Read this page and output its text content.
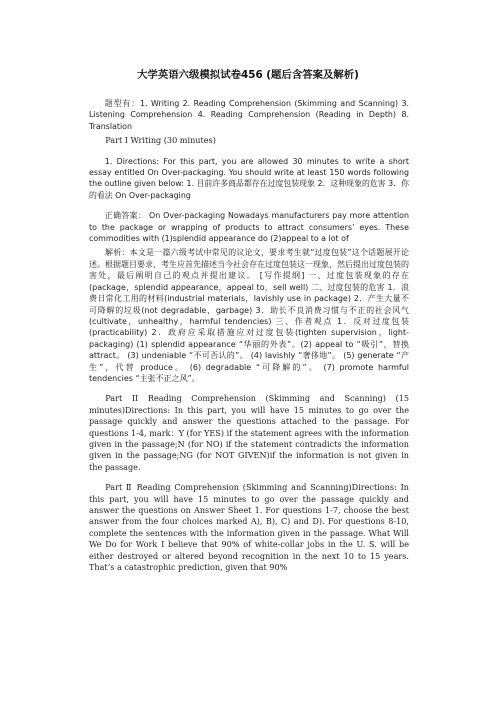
大学英语六级模拟试卷456 (题后含答案及解析)

题型有：1. Writing 2. Reading Comprehension (Skimming and Scanning) 3. Listening Comprehension 4. Reading Comprehension (Reading in Depth) 8. Translation

Part I Writing (30 minutes)

1. Directions: For this part, you are allowed 30 minutes to write a short essay entitled On Over-packaging. You should write at least 150 words following the outline given below: 1. 目前许多商品都存在过度包装现象 2．这种现象的危害 3．你的看法 On Over-packaging

正确答案： On Over-packaging Nowadays manufacturers pay more attention to the package or wrapping of products to attract consumers’ eyes. These commodities with (1)splendid appearance do (2)appeal to a lot of

解析：本文是一篇六级考试中常见的议论文，要求考生就“过度包装”这个话题展开论述。根据题目要求，考生应首先描述当今社会存在过度包装这一现象，然后提出过度包装的害处，最后阐明自己的观点并提出建议。 [写作提纲] 一、过度包装现象的存在(package，splendid appearance，appeal to，sell well) 二、过度包装的危害 1．浪费日常化工用的材料(industrial materials，lavishly use in package) 2．产生大量不可降解的垃圾(not degradable，garbage) 3．助长不良消费习惯与不正的社会风气(cultivate，unhealthy，harmful tendencies) 三、作者观点 1．反对过度包装(practicability) 2．政府应采取措施应对过度包装(tighten supervision，light-packaging) (1) splendid appearance “华丽的外表”。(2) appeal to “吸引”，替换 attract。 (3) undeniable “不可否认的”。 (4) lavishly “奢侈地”。 (5) generate “产生”，代替 produce。 (6) degradable “可降解的”。 (7) promote harmful tendencies “主张不正之风”。

Part II Reading Comprehension (Skimming and Scanning) (15 minutes)Directions: In this part, you will have 15 minutes to go over the passage quickly and answer the questions attached to the passage. For questions 1-4, mark：Y (for YES) if the statement agrees with the information given in the passage;N (for NO) if the statement contradicts the information given in the passage;NG (for NOT GIVEN)if the information is not given in the passage.

Part Ⅱ Reading Comprehension (Skimming and Scanning)Directions: In this part, you will have 15 minutes to go over the passage quickly and answer the questions on Answer Sheet 1. For questions 1-7, choose the best answer from the four choices marked A), B), C) and D). For questions 8-10, complete the sentences with the information given in the passage. What Will We Do for Work I believe that 90% of white-collar jobs in the U. S. will be either destroyed or altered beyond recognition in the next 10 to 15 years. That’s a catastrophic prediction, given that 90%
